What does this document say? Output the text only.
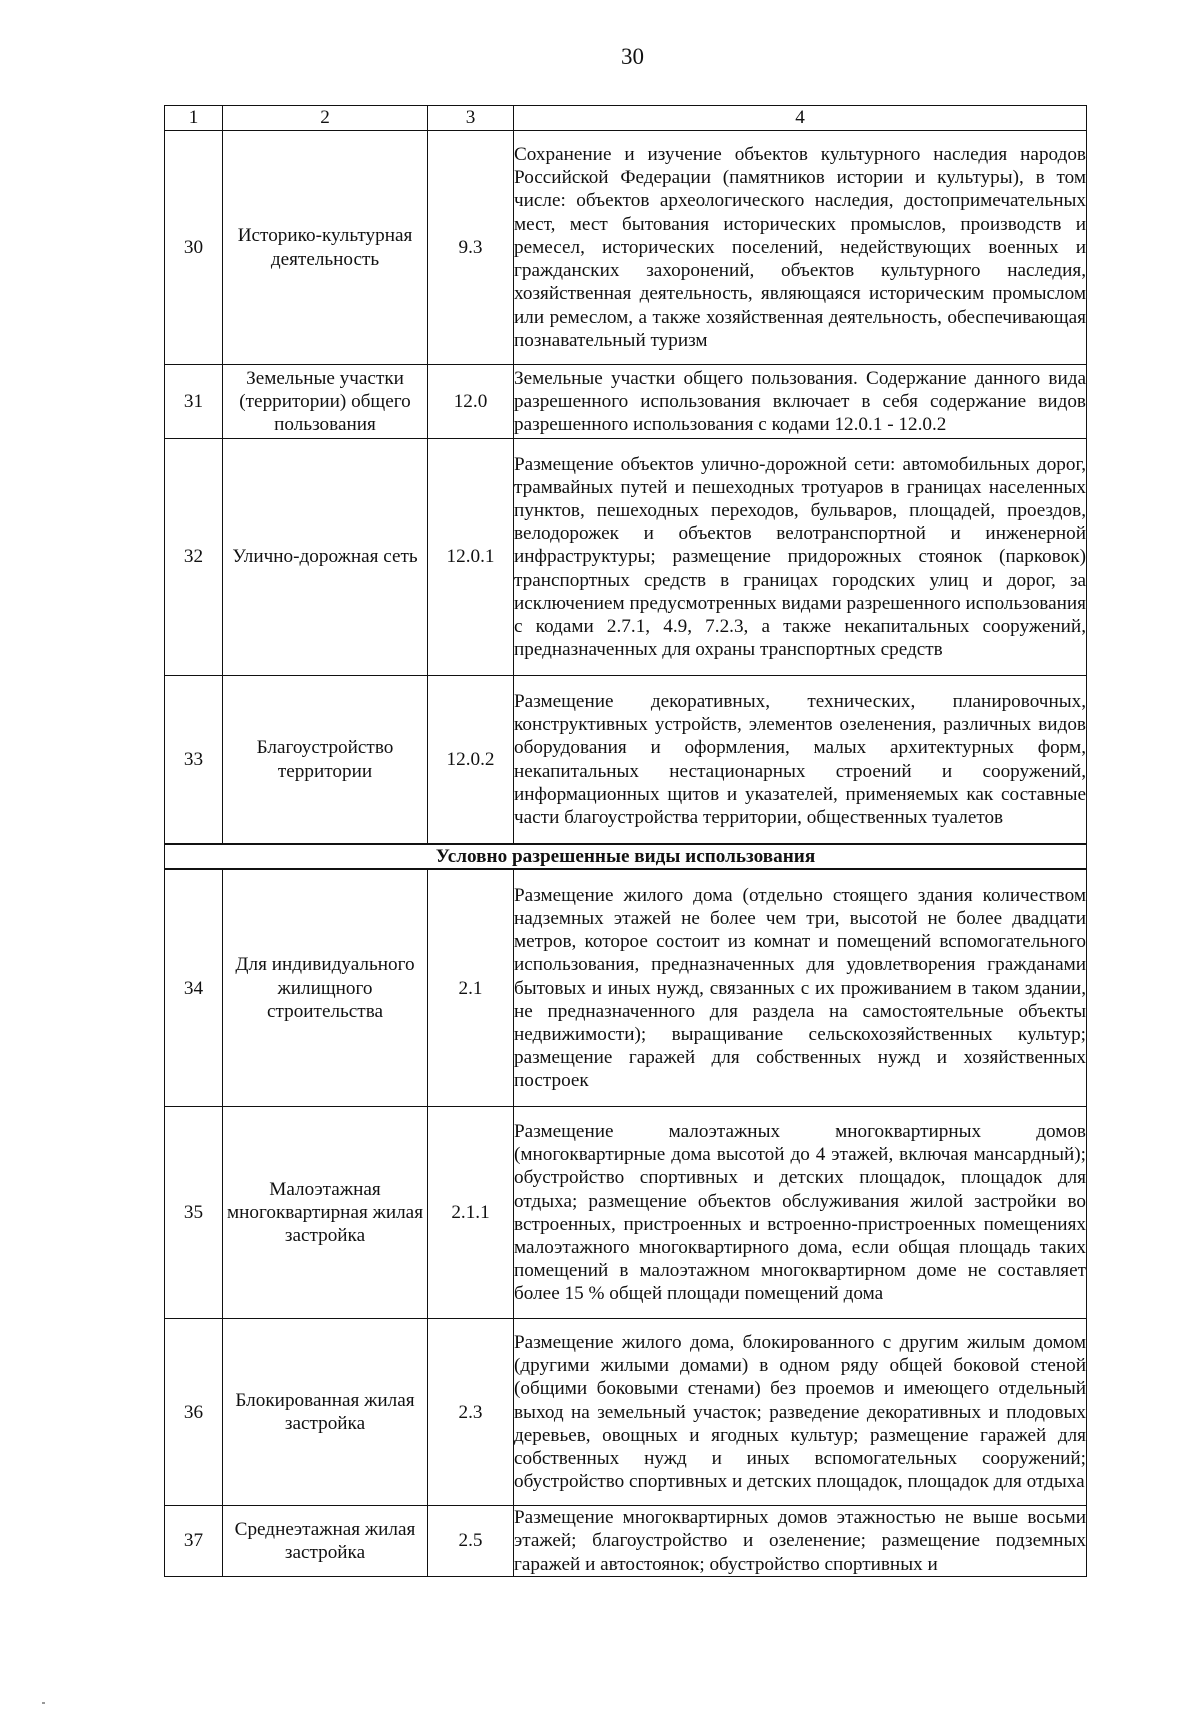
30
1	2	3	4
30	Историко-культурная деятельность	9.3	Сохранение и изучение объектов культурного наследия народов Российской Федерации (памятников истории и культуры), в том числе: объектов археологического наследия, достопримечательных мест, мест бытования исторических промыслов, производств и ремесел, исторических поселений, недействующих военных и гражданских захоронений, объектов культурного наследия, хозяйственная деятельность, являющаяся историческим промыслом или ремеслом, а также хозяйственная деятельность, обеспечивающая познавательный туризм
31	Земельные участки (территории) общего пользования	12.0	Земельные участки общего пользования. Содержание данного вида разрешенного использования включает в себя содержание видов разрешенного использования с кодами 12.0.1 - 12.0.2
32	Улично-дорожная сеть	12.0.1	Размещение объектов улично-дорожной сети: автомобильных дорог, трамвайных путей и пешеходных тротуаров в границах населенных пунктов, пешеходных переходов, бульваров, площадей, проездов, велодорожек и объектов велотранспортной и инженерной инфраструктуры; размещение придорожных стоянок (парковок) транспортных средств в границах городских улиц и дорог, за исключением предусмотренных видами разрешенного использования с кодами 2.7.1, 4.9, 7.2.3, а также некапитальных сооружений, предназначенных для охраны транспортных средств
33	Благоустройство территории	12.0.2	Размещение декоративных, технических, планировочных, конструктивных устройств, элементов озеленения, различных видов оборудования и оформления, малых архитектурных форм, некапитальных нестационарных строений и сооружений, информационных щитов и указателей, применяемых как составные части благоустройства территории, общественных туалетов
Условно разрешенные виды использования			
34	Для индивидуального жилищного строительства	2.1	Размещение жилого дома (отдельно стоящего здания количеством надземных этажей не более чем три, высотой не более двадцати метров, которое состоит из комнат и помещений вспомогательного использования, предназначенных для удовлетворения гражданами бытовых и иных нужд, связанных с их проживанием в таком здании, не предназначенного для раздела на самостоятельные объекты недвижимости); выращивание сельскохозяйственных культур; размещение гаражей для собственных нужд и хозяйственных построек
35	Малоэтажная многоквартирная жилая застройка	2.1.1	Размещение малоэтажных многоквартирных домов (многоквартирные дома высотой до 4 этажей, включая мансардный); обустройство спортивных и детских площадок, площадок для отдыха; размещение объектов обслуживания жилой застройки во встроенных, пристроенных и встроенно-пристроенных помещениях малоэтажного многоквартирного дома, если общая площадь таких помещений в малоэтажном многоквартирном доме не составляет более 15 % общей площади помещений дома
36	Блокированная жилая застройка	2.3	Размещение жилого дома, блокированного с другим жилым домом (другими жилыми домами) в одном ряду общей боковой стеной (общими боковыми стенами) без проемов и имеющего отдельный выход на земельный участок; разведение декоративных и плодовых деревьев, овощных и ягодных культур; размещение гаражей для собственных нужд и иных вспомогательных сооружений; обустройство спортивных и детских площадок, площадок для отдыха
37	Среднеэтажная жилая застройка	2.5	Размещение многоквартирных домов этажностью не выше восьми этажей; благоустройство и озеленение; размещение подземных гаражей и автостоянок; обустройство спортивных и
